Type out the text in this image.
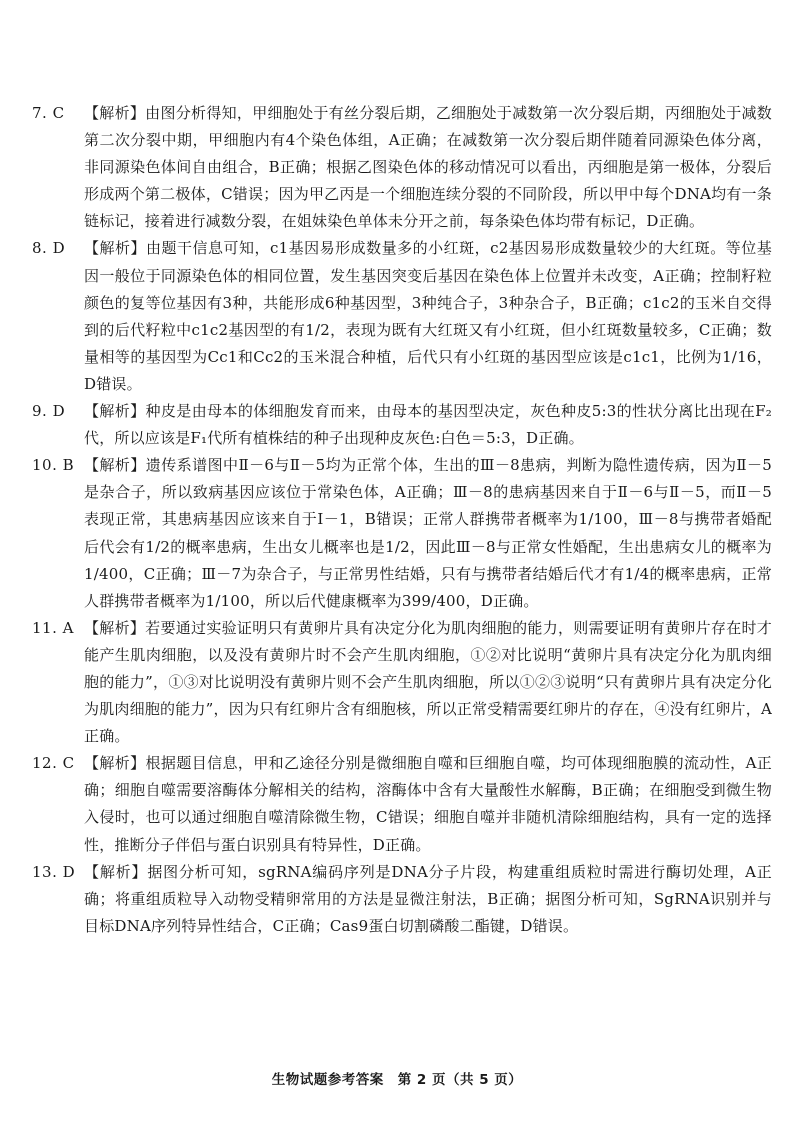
7. C	【解析】由图分析得知，甲细胞处于有丝分裂后期，乙细胞处于减数第一次分裂后期，丙细胞处于减数第二次分裂中期，甲细胞内有4个染色体组，A正确；在减数第一次分裂后期伴随着同源染色体分离，非同源染色体间自由组合，B正确；根据乙图染色体的移动情况可以看出，丙细胞是第一极体，分裂后形成两个第二极体，C错误；因为甲乙丙是一个细胞连续分裂的不同阶段，所以甲中每个DNA均有一条链标记，接着进行减数分裂，在姐妹染色单体未分开之前，每条染色体均带有标记，D正确。
8. D	【解析】由题干信息可知，c1基因易形成数量多的小红斑，c2基因易形成数量较少的大红斑。等位基因一般位于同源染色体的相同位置，发生基因突变后基因在染色体上位置并未改变，A正确；控制籽粒颜色的复等位基因有3种，共能形成6种基因型，3种纯合子，3种杂合子，B正确；c1c2的玉米自交得到的后代籽粒中c1c2基因型的有1/2，表现为既有大红斑又有小红斑，但小红斑数量较多，C正确；数量相等的基因型为Cc1和Cc2的玉米混合种植，后代只有小红斑的基因型应该是c1c1，比例为1/16，D错误。
9. D	【解析】种皮是由母本的体细胞发育而来，由母本的基因型决定，灰色种皮5:3的性状分离比出现在F₂代，所以应该是F₁代所有植株结的种子出现种皮灰色:白色＝5:3，D正确。
10. B 【解析】遗传系谱图中Ⅱ－6与Ⅱ－5均为正常个体，生出的Ⅲ－8患病，判断为隐性遗传病，因为Ⅱ－5是杂合子，所以致病基因应该位于常染色体，A正确；Ⅲ－8的患病基因来自于Ⅱ－6与Ⅱ－5，而Ⅱ－5表现正常，其患病基因应该来自于Ⅰ－1，B错误；正常人群携带者概率为1/100，Ⅲ－8与携带者婚配后代会有1/2的概率患病，生出女儿概率也是1/2，因此Ⅲ－8与正常女性婚配，生出患病女儿的概率为1/400，C正确；Ⅲ－7为杂合子，与正常男性结婚，只有与携带者结婚后代才有1/4的概率患病，正常人群携带者概率为1/100，所以后代健康概率为399/400，D正确。
11. A 【解析】若要通过实验证明只有黄卵片具有决定分化为肌肉细胞的能力，则需要证明有黄卵片存在时才能产生肌肉细胞，以及没有黄卵片时不会产生肌肉细胞，①②对比说明“黄卵片具有决定分化为肌肉细胞的能力”，①③对比说明没有黄卵片则不会产生肌肉细胞，所以①②③说明“只有黄卵片具有决定分化为肌肉细胞的能力”，因为只有红卵片含有细胞核，所以正常受精需要红卵片的存在，④没有红卵片，A正确。
12. C 【解析】根据题目信息，甲和乙途径分别是微细胞自噬和巨细胞自噬，均可体现细胞膜的流动性，A正确；细胞自噬需要溶酶体分解相关的结构，溶酶体中含有大量酸性水解酶，B正确；在细胞受到微生物入侵时，也可以通过细胞自噬清除微生物，C错误；细胞自噬并非随机清除细胞结构，具有一定的选择性，推断分子伴侣与蛋白识别具有特异性，D正确。
13. D 【解析】据图分析可知，sgRNA编码序列是DNA分子片段，构建重组质粒时需进行酶切处理，A正确；将重组质粒导入动物受精卵常用的方法是显微注射法，B正确；据图分析可知，SgRNA识别并与目标DNA序列特异性结合，C正确；Cas9蛋白切割磷酸二酯键，D错误。
生物试题参考答案　第 2 页（共 5 页）
